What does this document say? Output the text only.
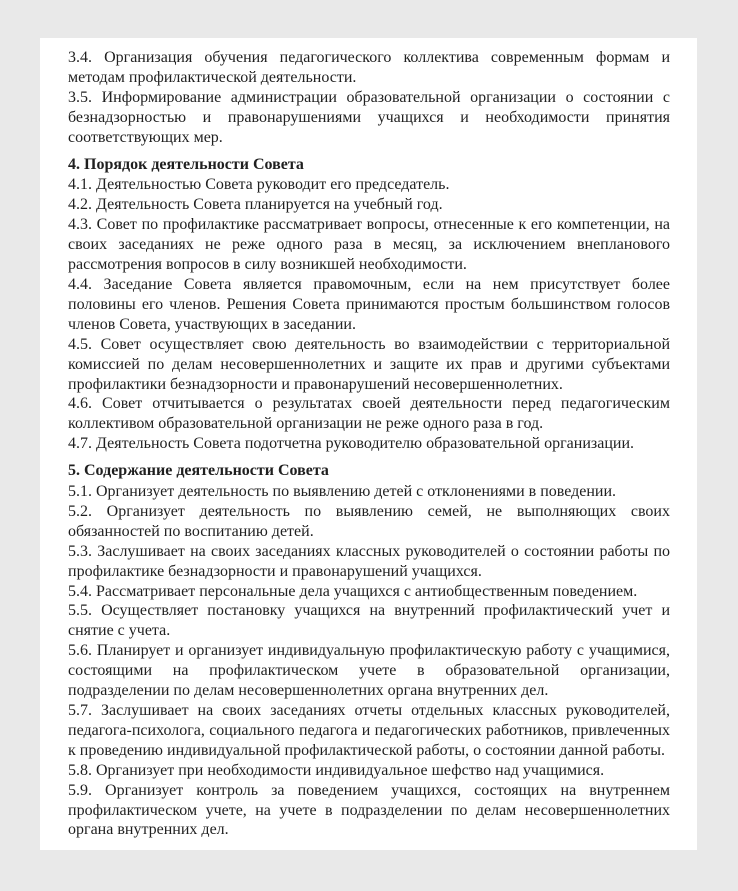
3.4. Организация обучения педагогического коллектива современным формам и методам профилактической деятельности.

3.5. Информирование администрации образовательной организации о состоянии с безнадзорностью и правонарушениями учащихся и необходимости принятия соответствующих мер.

4. Порядок деятельности Совета

4.1. Деятельностью Совета руководит его председатель.

4.2. Деятельность Совета планируется на учебный год.

4.3. Совет по профилактике рассматривает вопросы, отнесенные к его компетенции, на своих заседаниях не реже одного раза в месяц, за исключением внепланового рассмотрения вопросов в силу возникшей необходимости.

4.4. Заседание Совета является правомочным, если на нем присутствует более половины его членов. Решения Совета принимаются простым большинством голосов членов Совета, участвующих в заседании.

4.5. Совет осуществляет свою деятельность во взаимодействии с территориальной комиссией по делам несовершеннолетних и защите их прав и другими субъектами профилактики безнадзорности и правонарушений несовершеннолетних.

4.6. Совет отчитывается о результатах своей деятельности перед педагогическим коллективом образовательной организации не реже одного раза в год.

4.7. Деятельность Совета подотчетна руководителю образовательной организации.

5. Содержание деятельности Совета

5.1. Организует деятельность по выявлению детей с отклонениями в поведении.

5.2. Организует деятельность по выявлению семей, не выполняющих своих обязанностей по воспитанию детей.

5.3. Заслушивает на своих заседаниях классных руководителей о состоянии работы по профилактике безнадзорности и правонарушений учащихся.

5.4. Рассматривает персональные дела учащихся с антиобщественным поведением.

5.5. Осуществляет постановку учащихся на внутренний профилактический учет и снятие с учета.

5.6. Планирует и организует индивидуальную профилактическую работу с учащимися, состоящими на профилактическом учете в образовательной организации, подразделении по делам несовершеннолетних органа внутренних дел.

5.7. Заслушивает на своих заседаниях отчеты отдельных классных руководителей, педагога-психолога, социального педагога и педагогических работников, привлеченных к проведению индивидуальной профилактической работы, о состоянии данной работы.

5.8. Организует при необходимости индивидуальное шефство над учащимися.

5.9. Организует контроль за поведением учащихся, состоящих на внутреннем профилактическом учете, на учете в подразделении по делам несовершеннолетних органа внутренних дел.
